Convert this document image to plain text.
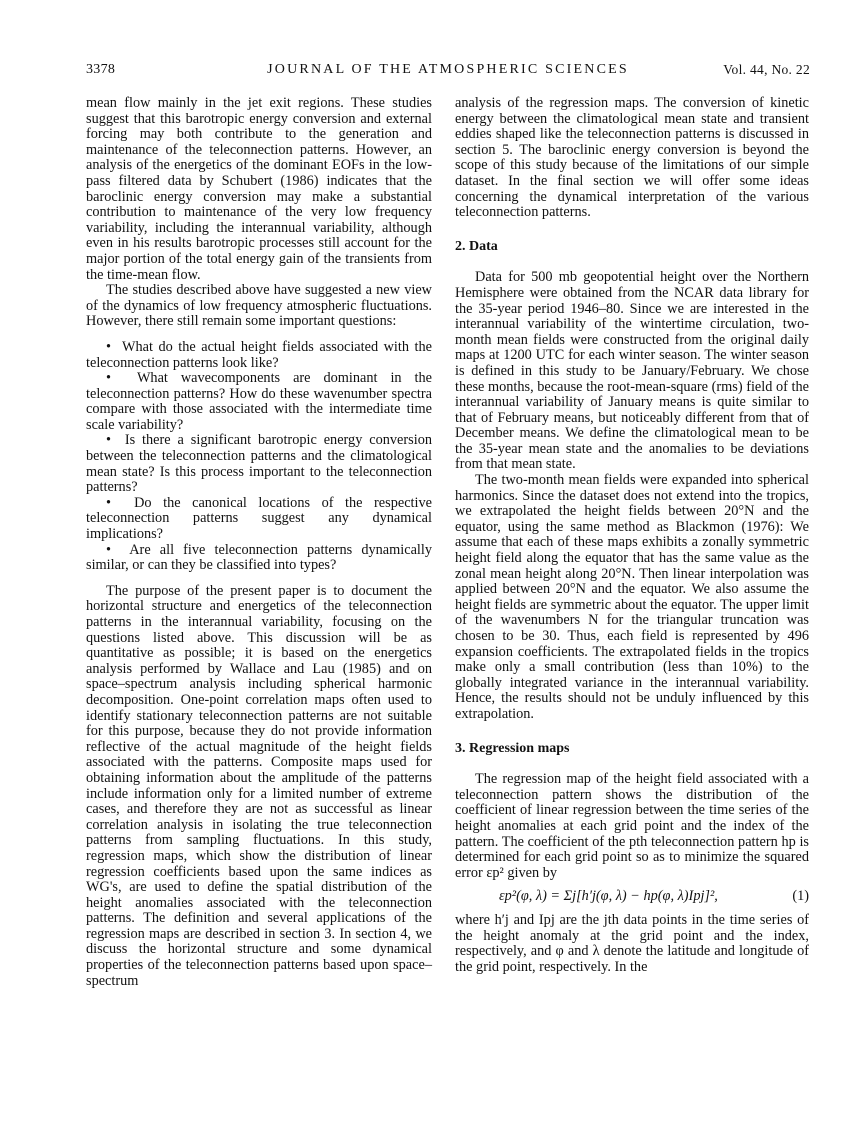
3378	JOURNAL OF THE ATMOSPHERIC SCIENCES	Vol. 44, No. 22

mean flow mainly in the jet exit regions. These studies suggest that this barotropic energy conversion and external forcing may both contribute to the generation and maintenance of the teleconnection patterns. However, an analysis of the energetics of the dominant EOFs in the low-pass filtered data by Schubert (1986) indicates that the baroclinic energy conversion may make a substantial contribution to maintenance of the very low frequency variability, including the interannual variability, although even in his results barotropic processes still account for the major portion of the total energy gain of the transients from the time-mean flow.

The studies described above have suggested a new view of the dynamics of low frequency atmospheric fluctuations. However, there still remain some important questions:

•  What do the actual height fields associated with the teleconnection patterns look like?
•  What wavecomponents are dominant in the teleconnection patterns? How do these wavenumber spectra compare with those associated with the intermediate time scale variability?
•  Is there a significant barotropic energy conversion between the teleconnection patterns and the climatological mean state? Is this process important to the teleconnection patterns?
•  Do the canonical locations of the respective teleconnection patterns suggest any dynamical implications?
•  Are all five teleconnection patterns dynamically similar, or can they be classified into types?

The purpose of the present paper is to document the horizontal structure and energetics of the teleconnection patterns in the interannual variability, focusing on the questions listed above. This discussion will be as quantitative as possible; it is based on the energetics analysis performed by Wallace and Lau (1985) and on space–spectrum analysis including spherical harmonic decomposition. One-point correlation maps often used to identify stationary teleconnection patterns are not suitable for this purpose, because they do not provide information reflective of the actual magnitude of the height fields associated with the patterns. Composite maps used for obtaining information about the amplitude of the patterns include information only for a limited number of extreme cases, and therefore they are not as successful as linear correlation analysis in isolating the true teleconnection patterns from sampling fluctuations. In this study, regression maps, which show the distribution of linear regression coefficients based upon the same indices as WG's, are used to define the spatial distribution of the height anomalies associated with the teleconnection patterns. The definition and several applications of the regression maps are described in section 3. In section 4, we discuss the horizontal structure and some dynamical properties of the teleconnection patterns based upon space–spectrum

analysis of the regression maps. The conversion of kinetic energy between the climatological mean state and transient eddies shaped like the teleconnection patterns is discussed in section 5. The baroclinic energy conversion is beyond the scope of this study because of the limitations of our simple dataset. In the final section we will offer some ideas concerning the dynamical interpretation of the various teleconnection patterns.

2. Data

Data for 500 mb geopotential height over the Northern Hemisphere were obtained from the NCAR data library for the 35-year period 1946–80. Since we are interested in the interannual variability of the wintertime circulation, two-month mean fields were constructed from the original daily maps at 1200 UTC for each winter season. The winter season is defined in this study to be January/February. We chose these months, because the root-mean-square (rms) field of the interannual variability of January means is quite similar to that of February means, but noticeably different from that of December means. We define the climatological mean to be the 35-year mean state and the anomalies to be deviations from that mean state.

The two-month mean fields were expanded into spherical harmonics. Since the dataset does not extend into the tropics, we extrapolated the height fields between 20°N and the equator, using the same method as Blackmon (1976): We assume that each of these maps exhibits a zonally symmetric height field along the equator that has the same value as the zonal mean height along 20°N. Then linear interpolation was applied between 20°N and the equator. We also assume the height fields are symmetric about the equator. The upper limit of the wavenumbers N for the triangular truncation was chosen to be 30. Thus, each field is represented by 496 expansion coefficients. The extrapolated fields in the tropics make only a small contribution (less than 10%) to the globally integrated variance in the interannual variability. Hence, the results should not be unduly influenced by this extrapolation.

3. Regression maps

The regression map of the height field associated with a teleconnection pattern shows the distribution of the coefficient of linear regression between the time series of the height anomalies at each grid point and the index of the pattern. The coefficient of the pth teleconnection pattern hp is determined for each grid point so as to minimize the squared error εp² given by

εp²(φ, λ) = Σj[h′j(φ, λ) − hp(φ, λ)Ipj]²,	(1)

where h′j and Ipj are the jth data points in the time series of the height anomaly at the grid point and the index, respectively, and φ and λ denote the latitude and longitude of the grid point, respectively. In the
